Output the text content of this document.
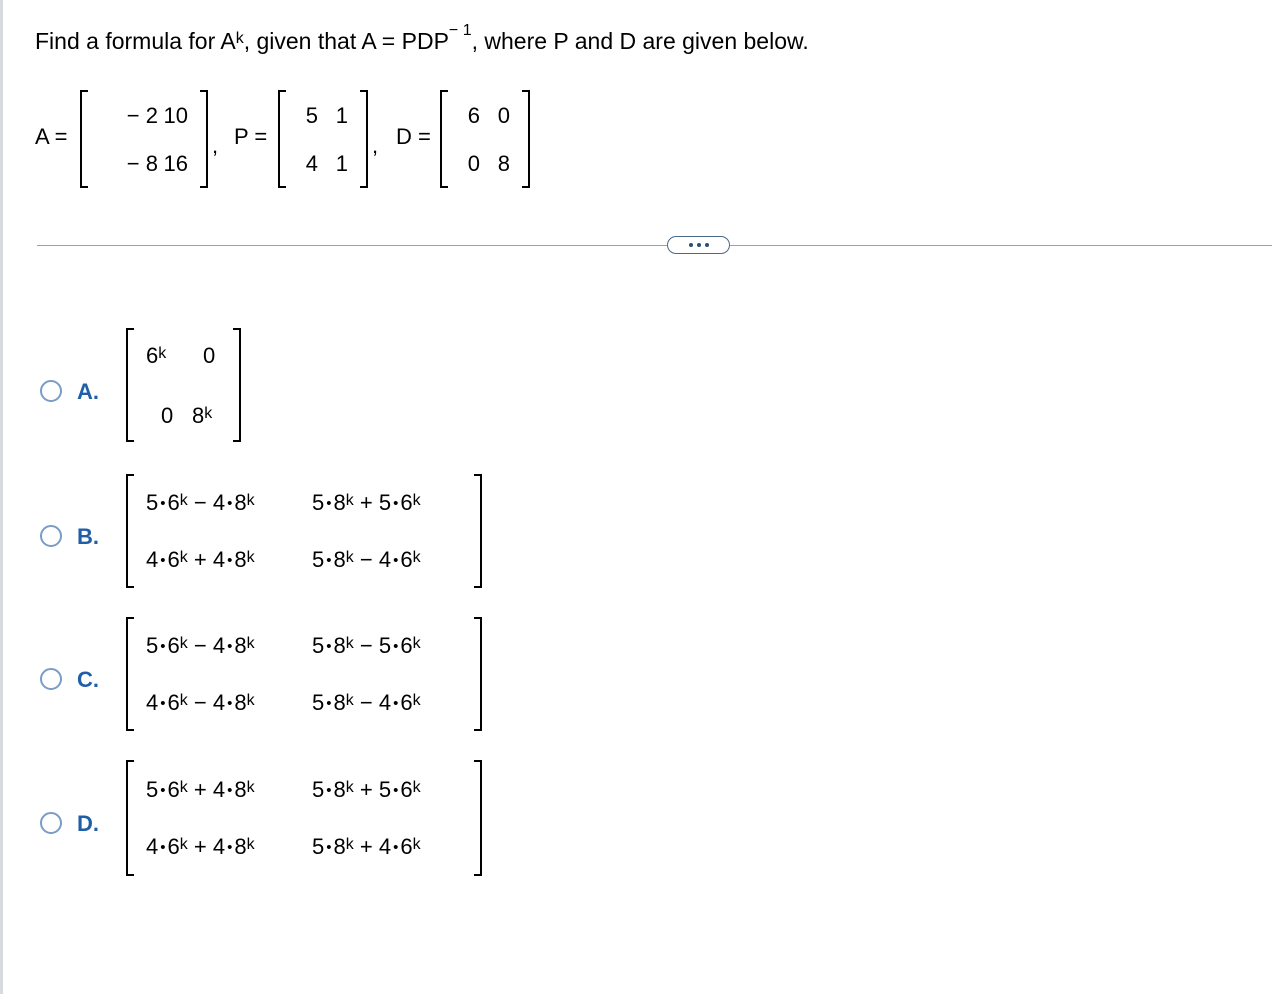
Find a formula for $A^k$, given that $A = PDP^{- 1}$, where P and D are given below.
A =
− 2 10
− 8 16
, P =
5 1
4 1
, D =
6 0
0 8
A.
6$^k$ 0
0 8$^k$
B.
5 $•6^k - 4$ •8$^k$	5 $•8^k + 5$ •6$^k$
4 $•6^k + 4$ •8$^k$	5 $•8^k - 4$ •6$^k$
C.
5 $•6^k - 4$ •8$^k$	5 $•8^k - 5$ •6$^k$
4 $•6^k - 4$ •8$^k$	5 $•8^k - 4$ •6$^k$
D.
5 $•6^k + 4$ •8$^k$	5 $•8^k + 5$ •6$^k$
4 $•6^k + 4$ •8$^k$	5 $•8^k + 4$ •6$^k$
